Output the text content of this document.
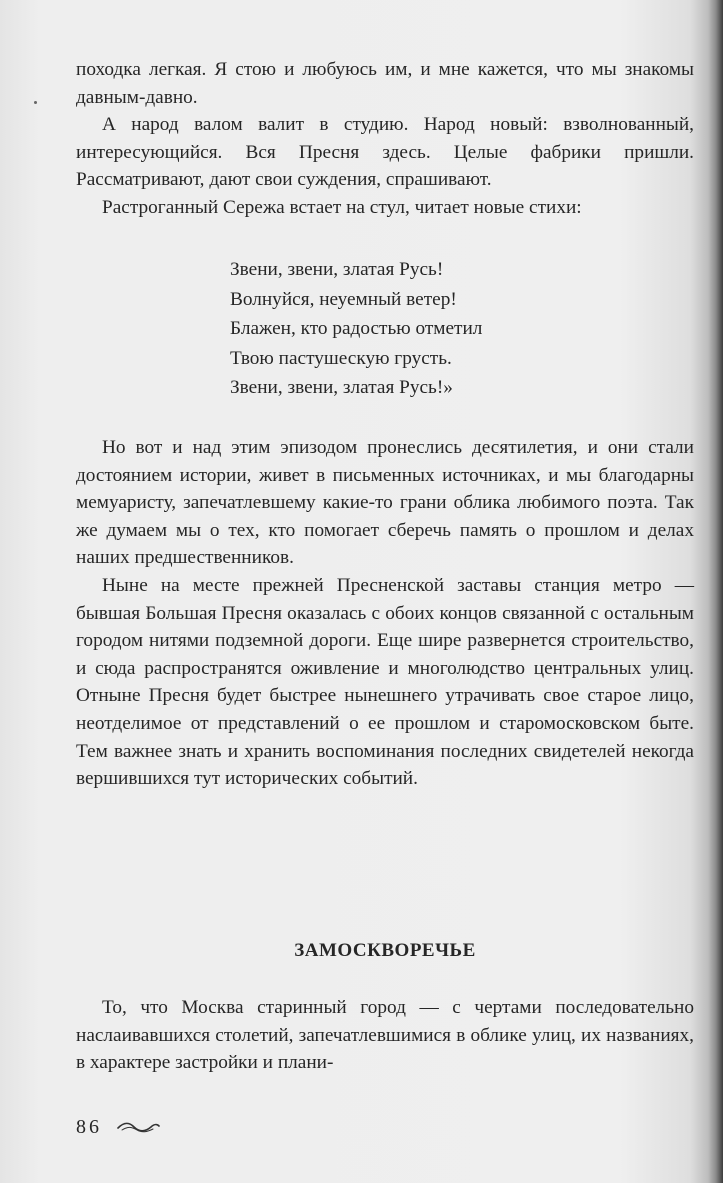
походка легкая. Я стою и любуюсь им, и мне кажется, что мы знакомы давным-давно.

А народ валом валит в студию. Народ новый: взволнованный, интересующийся. Вся Пресня здесь. Целые фабрики пришли. Рассматривают, дают свои суждения, спрашивают.

Растроганный Сережа встает на стул, читает новые стихи:

Звени, звени, златая Русь!
Волнуйся, неуемный ветер!
Блажен, кто радостью отметил
Твою пастушескую грусть.
Звени, звени, златая Русь!»

Но вот и над этим эпизодом пронеслись десятилетия, и они стали достоянием истории, живет в письменных источниках, и мы благодарны мемуаристу, запечатлевшему какие-то грани облика любимого поэта. Так же думаем мы о тех, кто помогает сберечь память о прошлом и делах наших предшественников.

Ныне на месте прежней Пресненской заставы станция метро — бывшая Большая Пресня оказалась с обоих концов связанной с остальным городом нитями подземной дороги. Еще шире развернется строительство, и сюда распространятся оживление и многолюдство центральных улиц. Отныне Пресня будет быстрее нынешнего утрачивать свое старое лицо, неотделимое от представлений о ее прошлом и старомосковском быте. Тем важнее знать и хранить воспоминания последних свидетелей некогда вершившихся тут исторических событий.

ЗАМОСКВОРЕЧЬЕ

То, что Москва старинный город — с чертами последовательно наслаивавшихся столетий, запечатлевшимися в облике улиц, их названиях, в характере застройки и плани-

86
